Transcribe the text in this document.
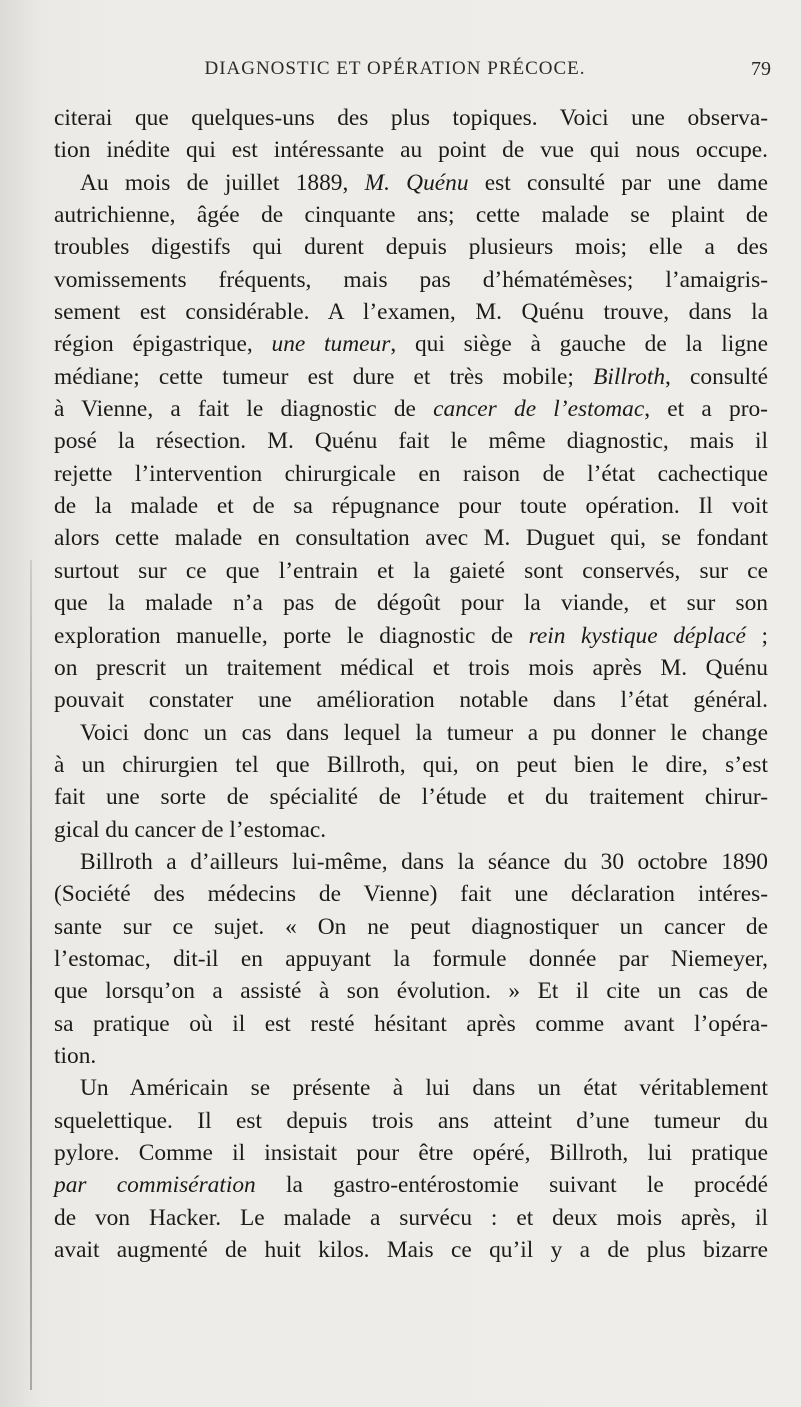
DIAGNOSTIC ET OPÉRATION PRÉCOCE.	79
citerai que quelques-uns des plus topiques. Voici une observa-
tion inédite qui est intéressante au point de vue qui nous occupe.
Au mois de juillet 1889, M. Quénu est consulté par une dame
autrichienne, âgée de cinquante ans; cette malade se plaint de
troubles digestifs qui durent depuis plusieurs mois; elle a des
vomissements fréquents, mais pas d’hématémèses; l’amaigris-
sement est considérable. A l’examen, M. Quénu trouve, dans la
région épigastrique, une tumeur, qui siège à gauche de la ligne
médiane; cette tumeur est dure et très mobile; Billroth, consulté
à Vienne, a fait le diagnostic de cancer de l’estomac, et a pro-
posé la résection. M. Quénu fait le même diagnostic, mais il
rejette l’intervention chirurgicale en raison de l’état cachectique
de la malade et de sa répugnance pour toute opération. Il voit
alors cette malade en consultation avec M. Duguet qui, se fondant
surtout sur ce que l’entrain et la gaieté sont conservés, sur ce
que la malade n’a pas de dégoût pour la viande, et sur son
exploration manuelle, porte le diagnostic de rein kystique déplacé ;
on prescrit un traitement médical et trois mois après M. Quénu
pouvait constater une amélioration notable dans l’état général.
Voici donc un cas dans lequel la tumeur a pu donner le change
à un chirurgien tel que Billroth, qui, on peut bien le dire, s’est
fait une sorte de spécialité de l’étude et du traitement chirur-
gical du cancer de l’estomac.
Billroth a d’ailleurs lui-même, dans la séance du 30 octobre 1890
(Société des médecins de Vienne) fait une déclaration intéres-
sante sur ce sujet. « On ne peut diagnostiquer un cancer de
l’estomac, dit-il en appuyant la formule donnée par Niemeyer,
que lorsqu’on a assisté à son évolution. » Et il cite un cas de
sa pratique où il est resté hésitant après comme avant l’opéra-
tion.
Un Américain se présente à lui dans un état véritablement
squelettique. Il est depuis trois ans atteint d’une tumeur du
pylore. Comme il insistait pour être opéré, Billroth, lui pratique
par commisération la gastro-entérostomie suivant le procédé
de von Hacker. Le malade a survécu : et deux mois après, il
avait augmenté de huit kilos. Mais ce qu’il y a de plus bizarre
